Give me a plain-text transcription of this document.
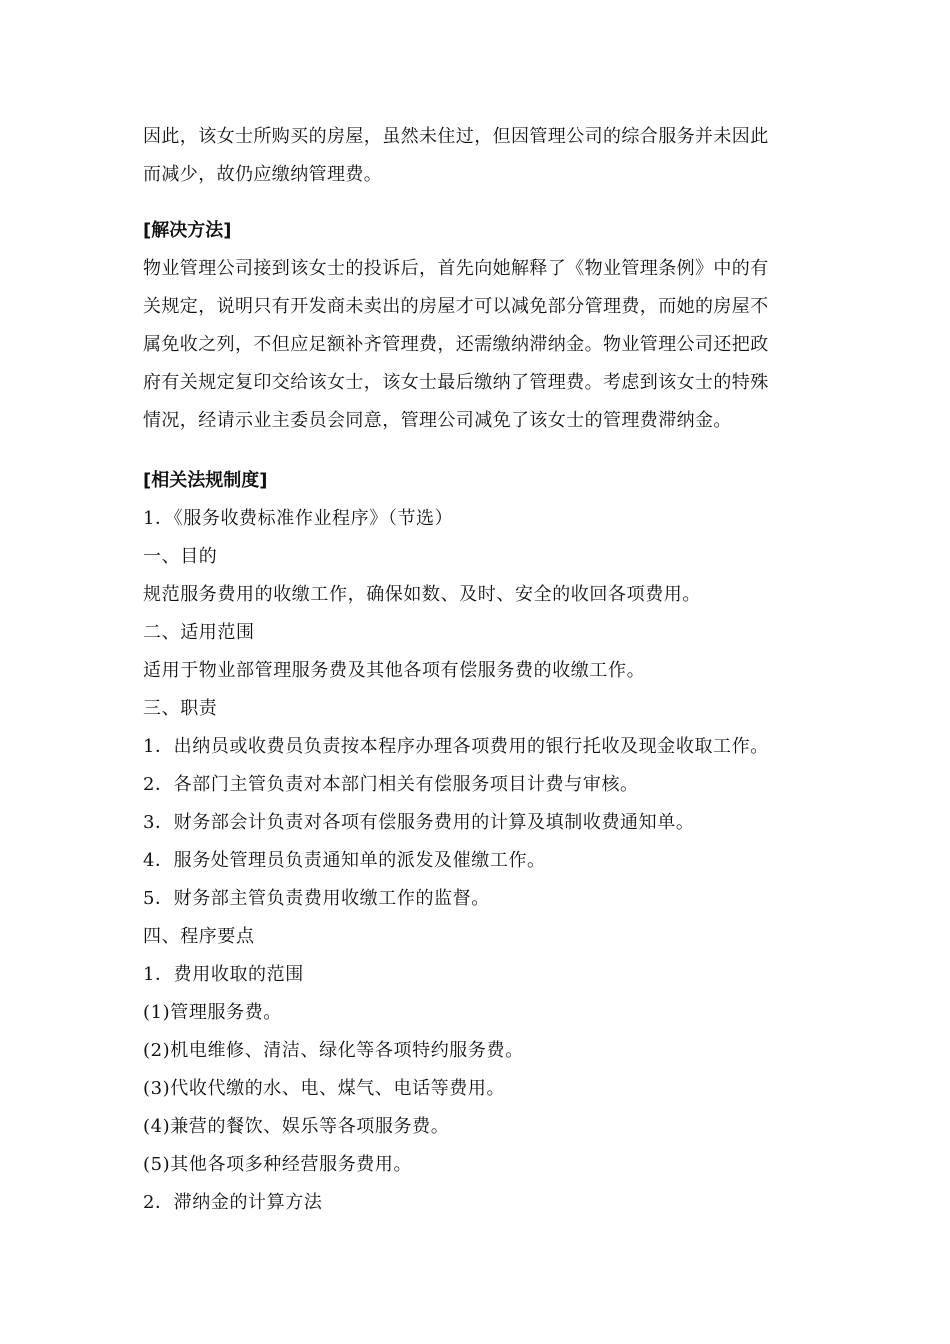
因此，该女士所购买的房屋，虽然未住过，但因管理公司的综合服务并未因此
而减少，故仍应缴纳管理费。
[解决方法]
物业管理公司接到该女士的投诉后，首先向她解释了《物业管理条例》中的有
关规定，说明只有开发商未卖出的房屋才可以减免部分管理费，而她的房屋不
属免收之列，不但应足额补齐管理费，还需缴纳滞纳金。物业管理公司还把政
府有关规定复印交给该女士，该女士最后缴纳了管理费。考虑到该女士的特殊
情况，经请示业主委员会同意，管理公司减免了该女士的管理费滞纳金。
[相关法规制度]
1．《服务收费标准作业程序》（节选）
一、目的
规范服务费用的收缴工作，确保如数、及时、安全的收回各项费用。
二、适用范围
适用于物业部管理服务费及其他各项有偿服务费的收缴工作。
三、职责
1．出纳员或收费员负责按本程序办理各项费用的银行托收及现金收取工作。
2．各部门主管负责对本部门相关有偿服务项目计费与审核。
3．财务部会计负责对各项有偿服务费用的计算及填制收费通知单。
4．服务处管理员负责通知单的派发及催缴工作。
5．财务部主管负责费用收缴工作的监督。
四、程序要点
1．费用收取的范围
(1)管理服务费。
(2)机电维修、清洁、绿化等各项特约服务费。
(3)代收代缴的水、电、煤气、电话等费用。
(4)兼营的餐饮、娱乐等各项服务费。
(5)其他各项多种经营服务费用。
2．滞纳金的计算方法
